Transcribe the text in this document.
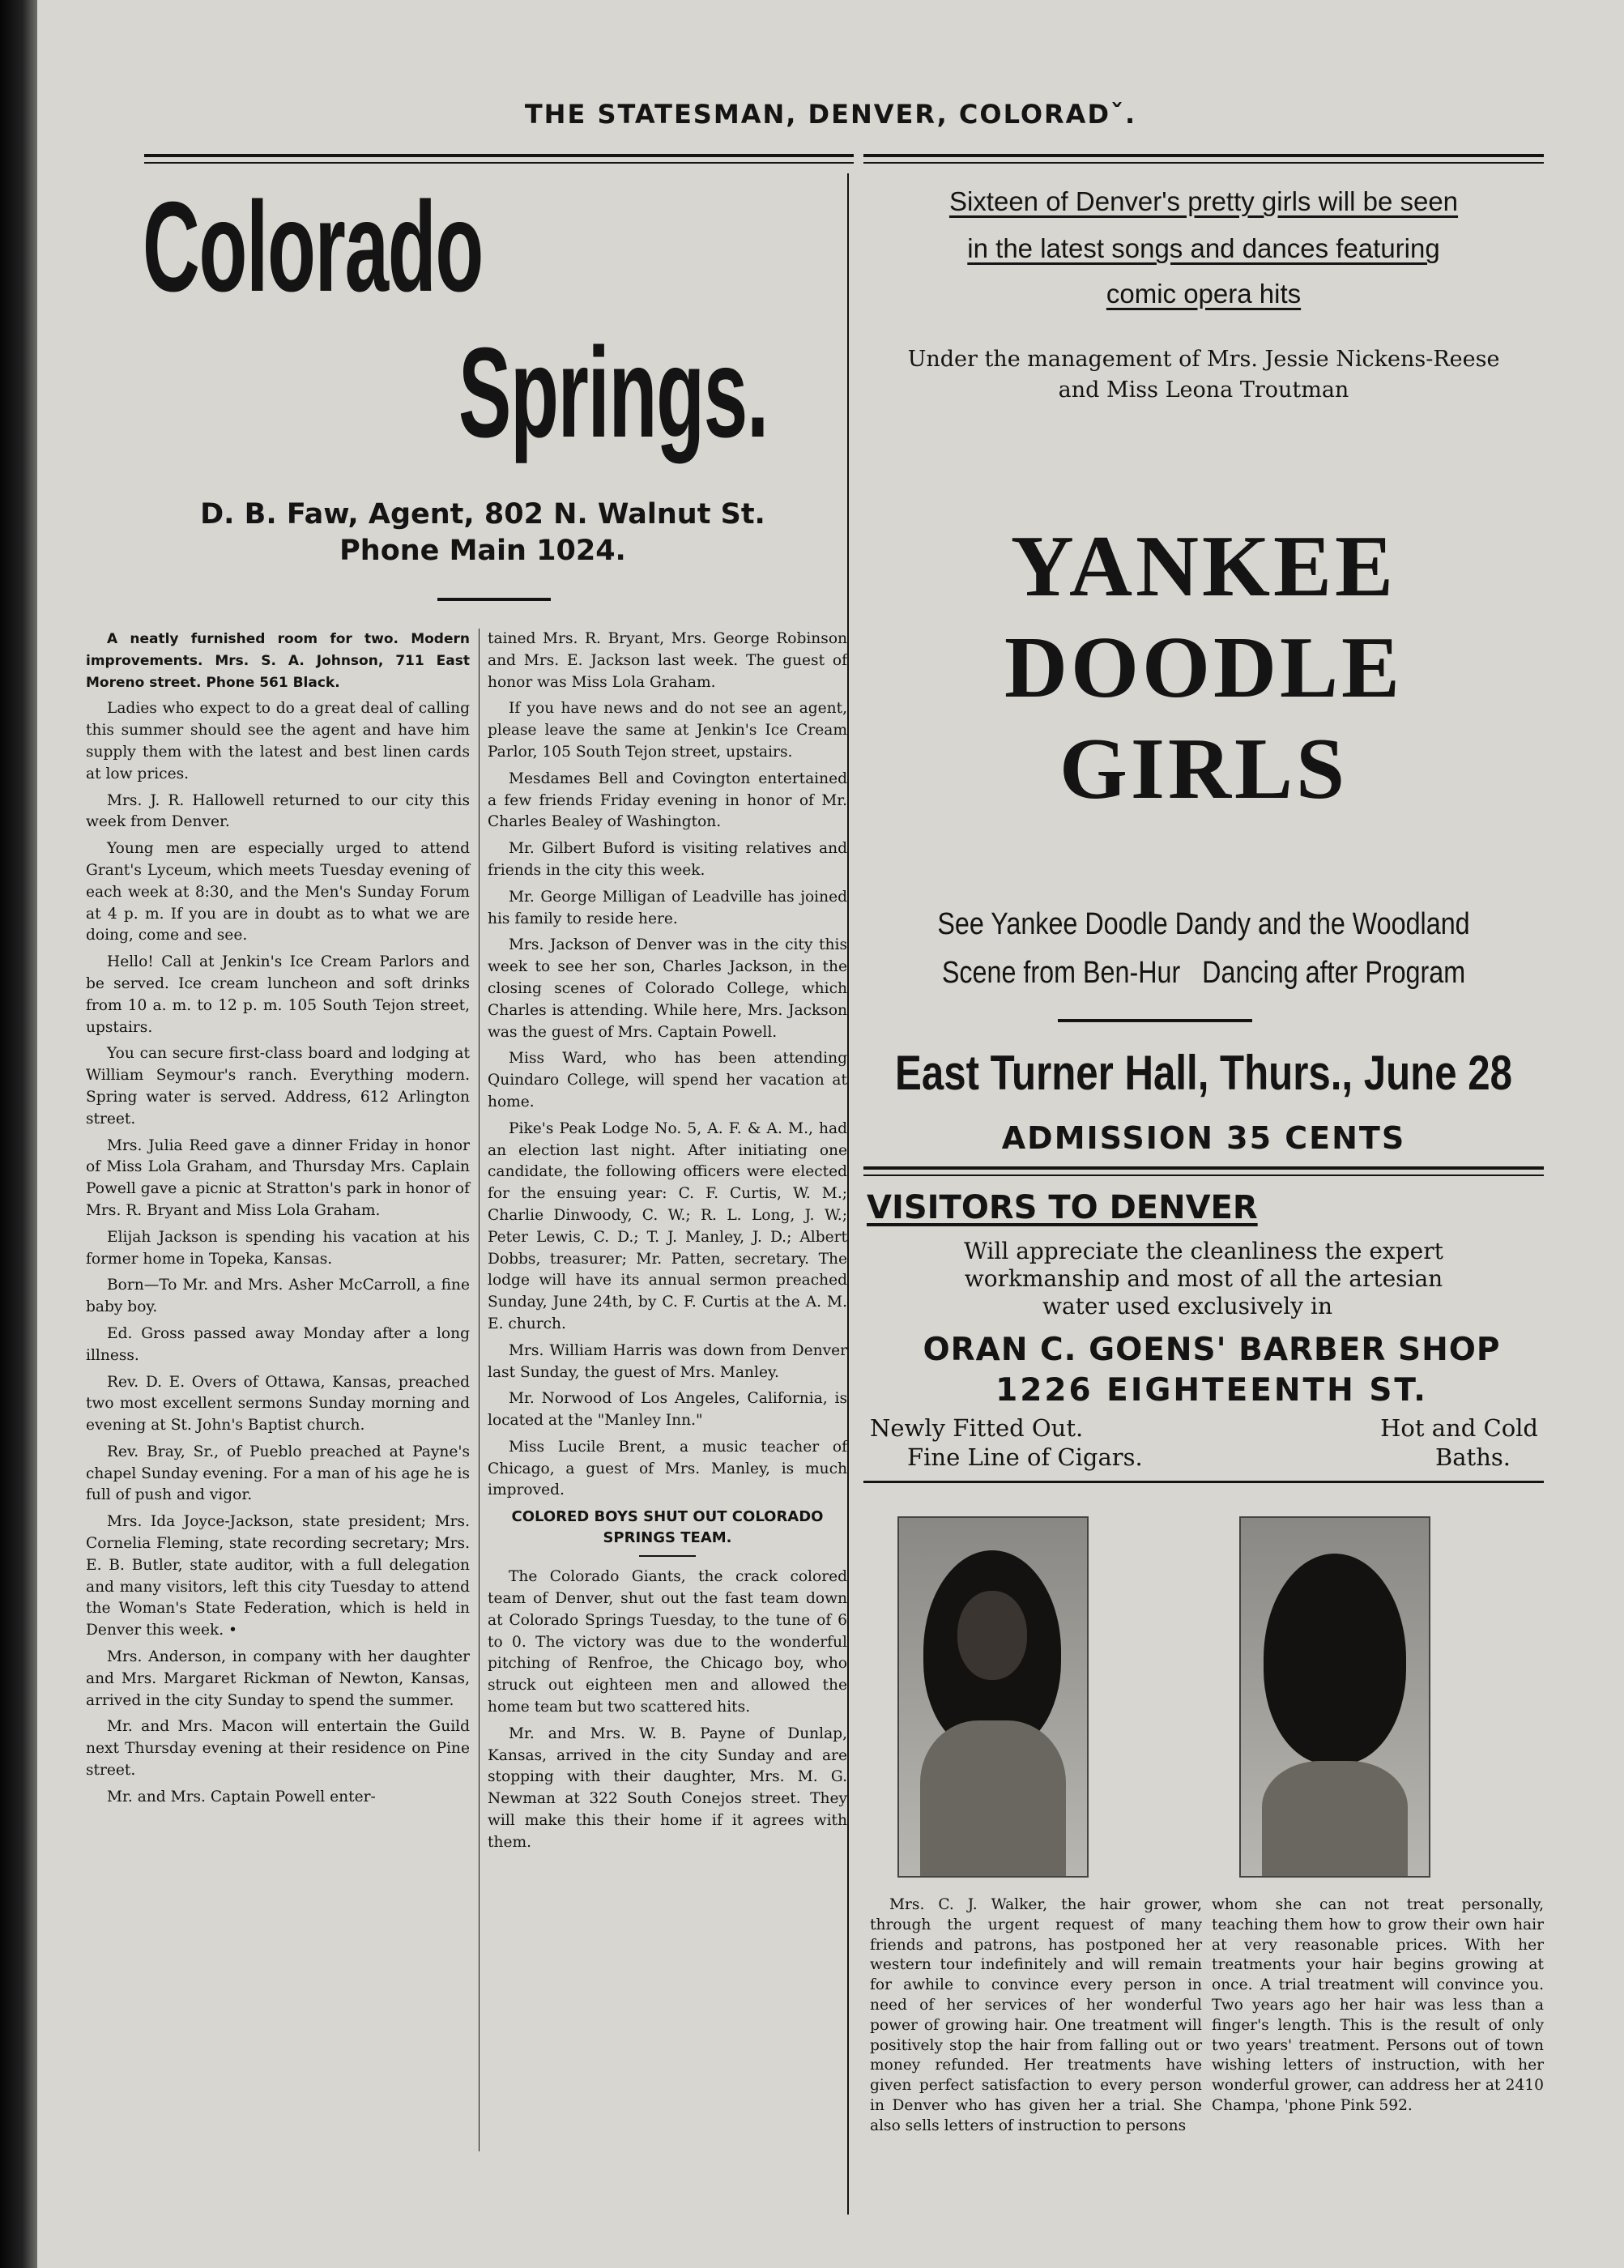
THE STATESMAN, DENVER, COLORADˇ.
Colorado
Springs.
D. B. Faw, Agent, 802 N. Walnut St.
Phone Main 1024.

A neatly furnished room for two. Modern improvements. Mrs. S. A. Johnson, 711 East Moreno street. Phone 561 Black.

Ladies who expect to do a great deal of calling this summer should see the agent and have him supply them with the latest and best linen cards at low prices.

Mrs. J. R. Hallowell returned to our city this week from Denver.

Young men are especially urged to attend Grant's Lyceum, which meets Tuesday evening of each week at 8:30, and the Men's Sunday Forum at 4 p. m. If you are in doubt as to what we are doing, come and see.

Hello! Call at Jenkin's Ice Cream Parlors and be served. Ice cream luncheon and soft drinks from 10 a. m. to 12 p. m. 105 South Tejon street, upstairs.

You can secure first-class board and lodging at William Seymour's ranch. Everything modern. Spring water is served. Address, 612 Arlington street.

Mrs. Julia Reed gave a dinner Friday in honor of Miss Lola Graham, and Thursday Mrs. Caplain Powell gave a picnic at Stratton's park in honor of Mrs. R. Bryant and Miss Lola Graham.

Elijah Jackson is spending his vacation at his former home in Topeka, Kansas.

Born—To Mr. and Mrs. Asher McCarroll, a fine baby boy.

Ed. Gross passed away Monday after a long illness.

Rev. D. E. Overs of Ottawa, Kansas, preached two most excellent sermons Sunday morning and evening at St. John's Baptist church.

Rev. Bray, Sr., of Pueblo preached at Payne's chapel Sunday evening. For a man of his age he is full of push and vigor.

Mrs. Ida Joyce-Jackson, state president; Mrs. Cornelia Fleming, state recording secretary; Mrs. E. B. Butler, state auditor, with a full delegation and many visitors, left this city Tuesday to attend the Woman's State Federation, which is held in Denver this week. •

Mrs. Anderson, in company with her daughter and Mrs. Margaret Rickman of Newton, Kansas, arrived in the city Sunday to spend the summer.

Mr. and Mrs. Macon will entertain the Guild next Thursday evening at their residence on Pine street.

Mr. and Mrs. Captain Powell enter-

tained Mrs. R. Bryant, Mrs. George Robinson and Mrs. E. Jackson last week. The guest of honor was Miss Lola Graham.

If you have news and do not see an agent, please leave the same at Jenkin's Ice Cream Parlor, 105 South Tejon street, upstairs.

Mesdames Bell and Covington entertained a few friends Friday evening in honor of Mr. Charles Bealey of Washington.

Mr. Gilbert Buford is visiting relatives and friends in the city this week.

Mr. George Milligan of Leadville has joined his family to reside here.

Mrs. Jackson of Denver was in the city this week to see her son, Charles Jackson, in the closing scenes of Colorado College, which Charles is attending. While here, Mrs. Jackson was the guest of Mrs. Captain Powell.

Miss Ward, who has been attending Quindaro College, will spend her vacation at home.

Pike's Peak Lodge No. 5, A. F. & A. M., had an election last night. After initiating one candidate, the following officers were elected for the ensuing year: C. F. Curtis, W. M.; Charlie Dinwoody, C. W.; R. L. Long, J. W.; Peter Lewis, C. D.; T. J. Manley, J. D.; Albert Dobbs, treasurer; Mr. Patten, secretary. The lodge will have its annual sermon preached Sunday, June 24th, by C. F. Curtis at the A. M. E. church.

Mrs. William Harris was down from Denver last Sunday, the guest of Mrs. Manley.

Mr. Norwood of Los Angeles, California, is located at the "Manley Inn."

Miss Lucile Brent, a music teacher of Chicago, a guest of Mrs. Manley, is much improved.

COLORED BOYS SHUT OUT COLORADO SPRINGS TEAM.

The Colorado Giants, the crack colored team of Denver, shut out the fast team down at Colorado Springs Tuesday, to the tune of 6 to 0. The victory was due to the wonderful pitching of Renfroe, the Chicago boy, who struck out eighteen men and allowed the home team but two scattered hits.

Mr. and Mrs. W. B. Payne of Dunlap, Kansas, arrived in the city Sunday and are stopping with their daughter, Mrs. M. G. Newman at 322 South Conejos street. They will make this their home if it agrees with them.

Sixteen of Denver's pretty girls will be seen
in the latest songs and dances featuring
comic opera hits
Under the management of Mrs. Jessie Nickens-Reese
and Miss Leona Troutman
YANKEE
DOODLE
GIRLS
See Yankee Doodle Dandy and the Woodland
Scene from Ben-Hur   Dancing after Program
East Turner Hall, Thurs., June 28
ADMISSION 35 CENTS
VISITORS TO DENVER
Will appreciate the cleanliness the expert
workmanship and most of all the artesian
water used exclusively in
ORAN C. GOENS' BARBER SHOP
1226 EIGHTEENTH ST.
Newly Fitted Out.
Fine Line of Cigars.
Hot and Cold
Baths.
Mrs. C. J. Walker, the hair grower, through the urgent request of many friends and patrons, has postponed her western tour indefinitely and will remain for awhile to convince every person in need of her services of her wonderful power of growing hair. One treatment will positively stop the hair from falling out or money refunded. Her treatments have given perfect satisfaction to every person in Denver who has given her a trial. She also sells letters of instruction to persons
whom she can not treat personally, teaching them how to grow their own hair at very reasonable prices. With her treatments your hair begins growing at once. A trial treatment will convince you. Two years ago her hair was less than a finger's length. This is the result of only two years' treatment. Persons out of town wishing letters of instruction, with her wonderful grower, can address her at 2410 Champa, 'phone Pink 592.
